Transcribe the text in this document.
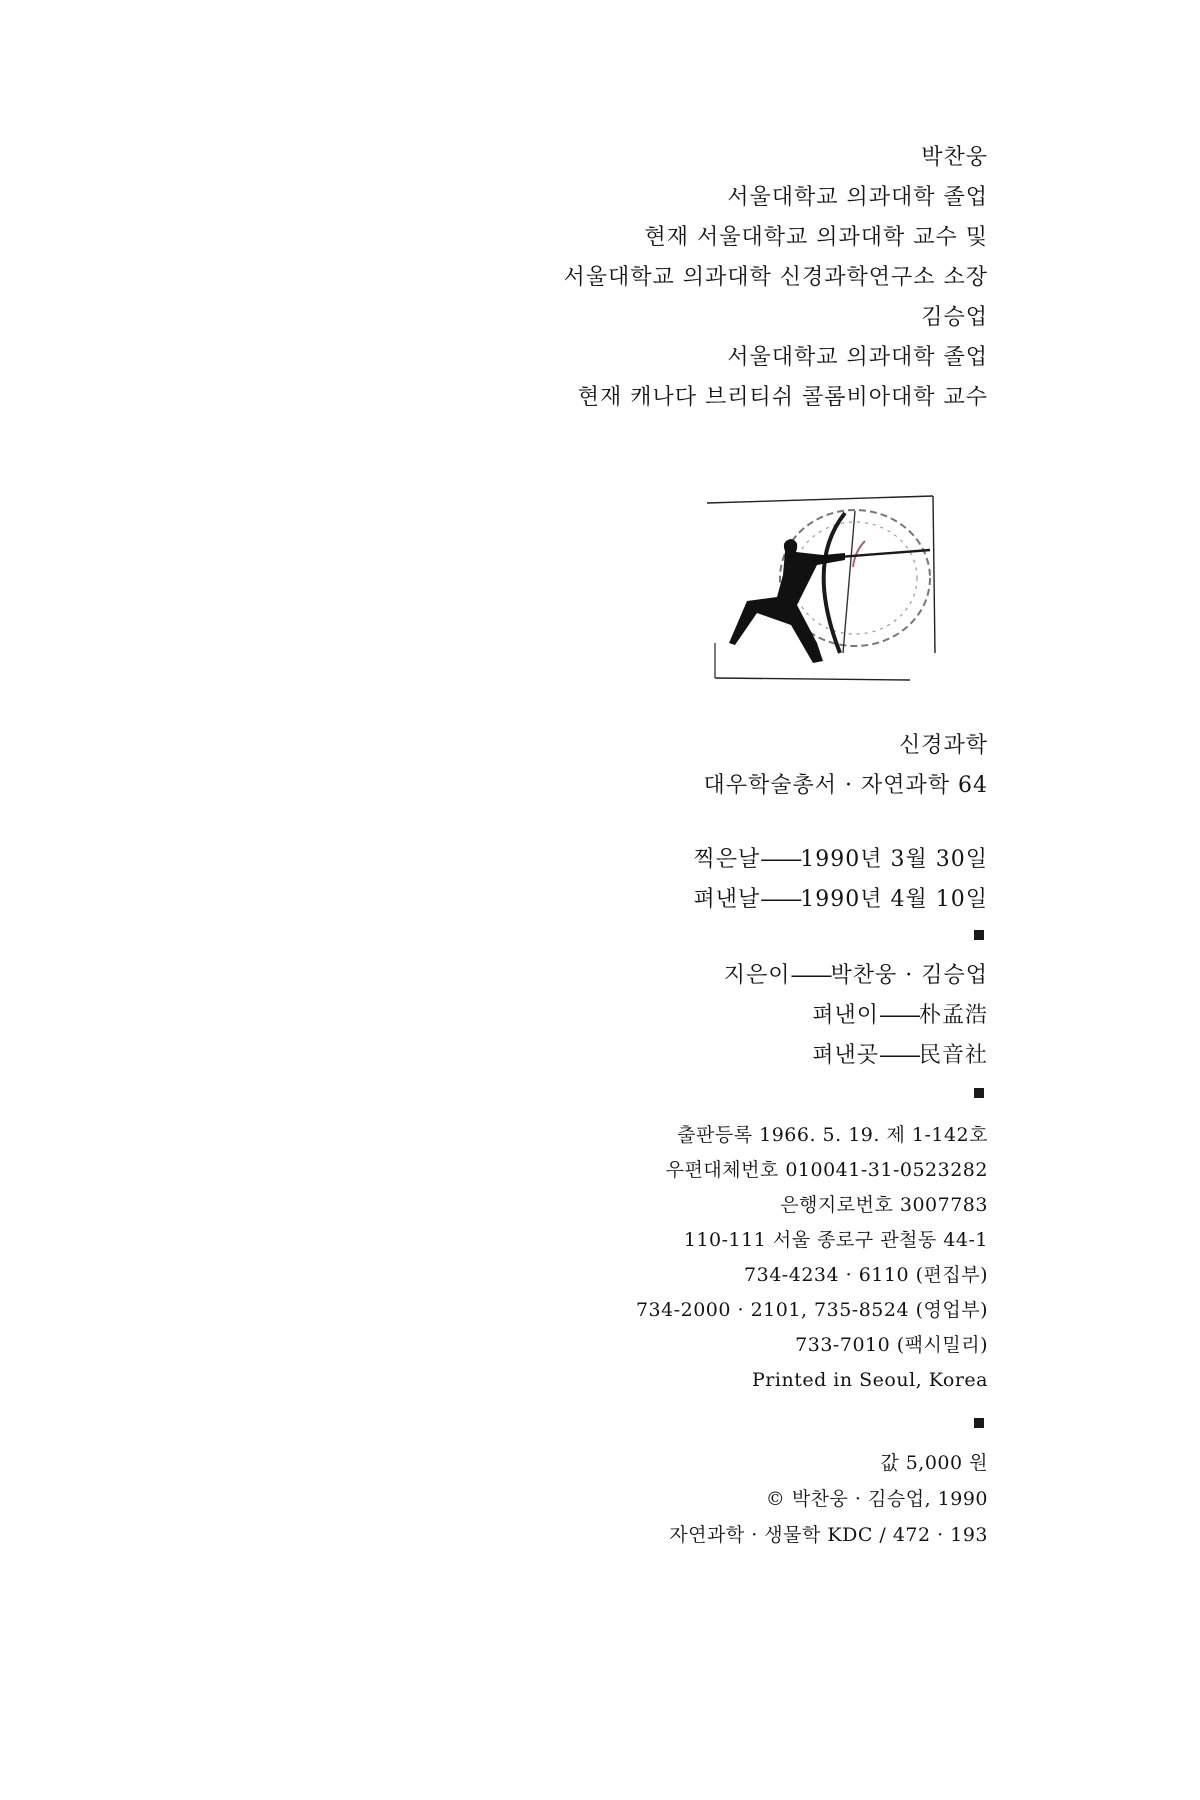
박찬웅
서울대학교 의과대학 졸업
현재 서울대학교 의과대학 교수 및
서울대학교 의과대학 신경과학연구소 소장
김승업
서울대학교 의과대학 졸업
현재 캐나다 브리티쉬 콜롬비아대학 교수
신경과학
대우학술총서 · 자연과학 64
찍은날——1990년 3월 30일
펴낸날——1990년 4월 10일
지은이——박찬웅 · 김승업
펴낸이——朴孟浩
펴낸곳——民音社
출판등록 1966. 5. 19. 제 1-142호
우편대체번호 010041-31-0523282
은행지로번호 3007783
110-111 서울 종로구 관철동 44-1
734-4234 · 6110 (편집부)
734-2000 · 2101, 735-8524 (영업부)
733-7010 (팩시밀리)
Printed in Seoul, Korea
값 5,000 원
© 박찬웅 · 김승업, 1990
자연과학 · 생물학 KDC / 472 · 193
